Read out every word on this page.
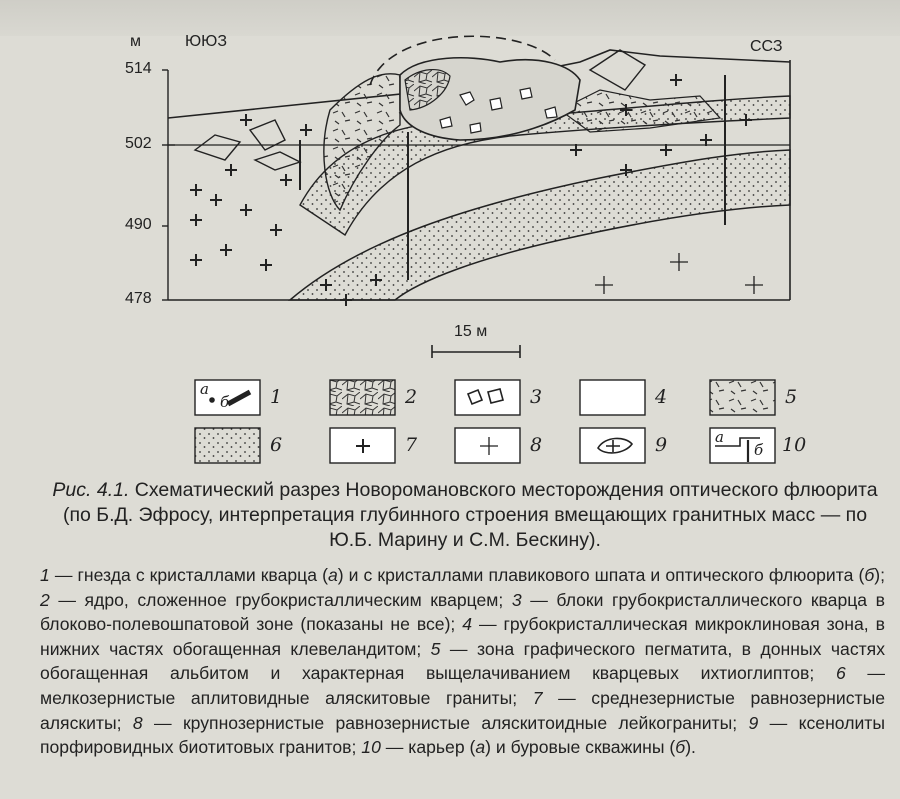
м	ЮЮЗ	ССЗ
514
502
490
478
15 м
1	2	3	4	5
6	7	8	9	10
а
б
а
б
Рис. 4.1. Схематический разрез Новоромановского месторождения оптического флюорита (по Б.Д. Эфросу, интерпретация глубинного строения вмещающих гранитных масс — по Ю.Б. Марину и С.М. Бескину).
1 — гнезда с кристаллами кварца (а) и с кристаллами плавикового шпата и оптического флюорита (б); 2 — ядро, сложенное грубокристаллическим кварцем; 3 — блоки грубокристаллического кварца в блоково-полевошпатовой зоне (показаны не все); 4 — грубокристаллическая микроклиновая зона, в нижних частях обогащенная клевеландитом; 5 — зона графического пегматита, в донных частях обогащенная альбитом и характерная выщелачиванием кварцевых ихтиоглиптов; 6 — мелкозернистые аплитовидные аляскитовые граниты; 7 — среднезернистые равнозернистые аляскиты; 8 — крупнозернистые равнозернистые аляскитоидные лейкограниты; 9 — ксенолиты порфировидных биотитовых гранитов; 10 — карьер (а) и буровые скважины (б).
